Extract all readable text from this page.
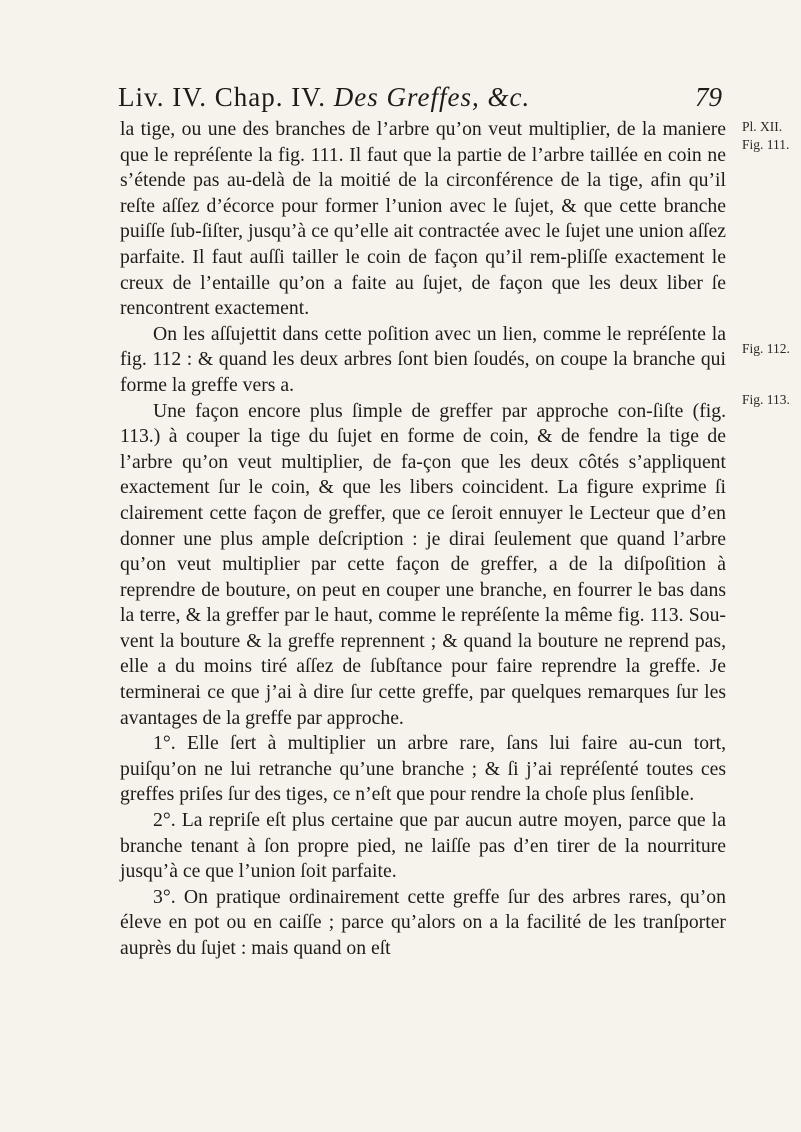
Liv. IV. Chap. IV. Des Greffes, &c.	79
Pl. XII.
Fig. 111.
Fig. 112.
Fig. 113.

la tige, ou une des branches de l’arbre qu’on veut multiplier, de la maniere que le repréſente la fig. 111. Il faut que la partie de l’arbre taillée en coin ne s’étende pas au-delà de la moitié de la circonférence de la tige, afin qu’il reſte aſſez d’écorce pour former l’union avec le ſujet, & que cette branche puiſſe ſub-ſiſter, jusqu’à ce qu’elle ait contractée avec le ſujet une union aſſez parfaite. Il faut auſſi tailler le coin de façon qu’il rem-pliſſe exactement le creux de l’entaille qu’on a faite au ſujet, de façon que les deux liber ſe rencontrent exactement.

On les aſſujettit dans cette poſition avec un lien, comme le repréſente la fig. 112 : & quand les deux arbres ſont bien ſoudés, on coupe la branche qui forme la greffe vers a.

Une façon encore plus ſimple de greffer par approche con-ſiſte (fig. 113.) à couper la tige du ſujet en forme de coin, & de fendre la tige de l’arbre qu’on veut multiplier, de fa-çon que les deux côtés s’appliquent exactement ſur le coin, & que les libers coincident. La figure exprime ſi clairement cette façon de greffer, que ce ſeroit ennuyer le Lecteur que d’en donner une plus ample deſcription : je dirai ſeulement que quand l’arbre qu’on veut multiplier par cette façon de greffer, a de la diſpoſition à reprendre de bouture, on peut en couper une branche, en fourrer le bas dans la terre, & la greffer par le haut, comme le repréſente la même fig. 113. Sou-vent la bouture & la greffe reprennent ; & quand la bouture ne reprend pas, elle a du moins tiré aſſez de ſubſtance pour faire reprendre la greffe. Je terminerai ce que j’ai à dire ſur cette greffe, par quelques remarques ſur les avantages de la greffe par approche.

1°. Elle ſert à multiplier un arbre rare, ſans lui faire au-cun tort, puiſqu’on ne lui retranche qu’une branche ; & ſi j’ai repréſenté toutes ces greffes priſes ſur des tiges, ce n’eſt que pour rendre la choſe plus ſenſible.

2°. La repriſe eſt plus certaine que par aucun autre moyen, parce que la branche tenant à ſon propre pied, ne laiſſe pas d’en tirer de la nourriture jusqu’à ce que l’union ſoit parfaite.

3°. On pratique ordinairement cette greffe ſur des arbres rares, qu’on éleve en pot ou en caiſſe ; parce qu’alors on a la facilité de les tranſporter auprès du ſujet : mais quand on eſt
